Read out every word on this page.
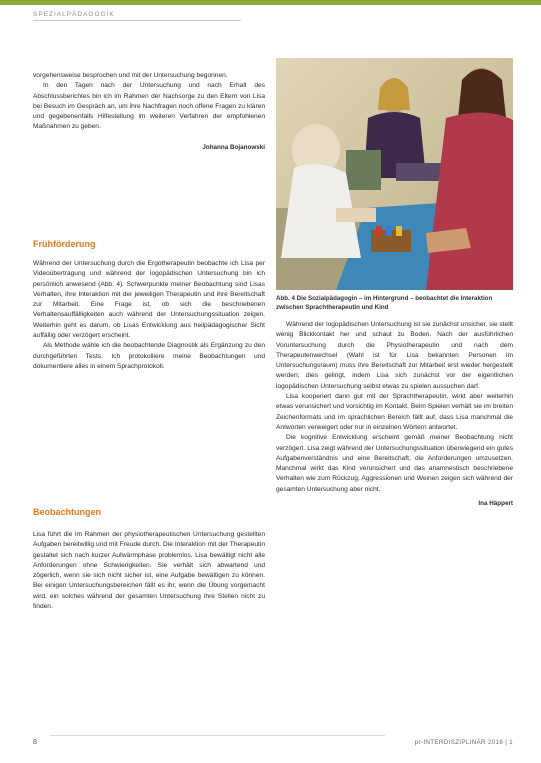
SPEZIALPÄDAGOGIK

vorgehensweise besprochen und mit der Untersuchung begonnen.

In den Tagen nach der Untersuchung und nach Erhalt des Abschlussberichtes bin ich im Rahmen der Nachsorge zu den Eltern von Lisa bei Besuch im Gespräch an, um ihre Nachfragen noch offene Fragen zu klären und gegebenenfalls Hilfestellung im weiteren Verfahren der empfohlenen Maßnahmen zu geben.

Johanna Bojanowski

Frühförderung

Während der Untersuchung durch die Ergotherapeutin beobachte ich Lisa per Videoübertragung und während der logopädischen Untersuchung bin ich persönlich anwesend (Abb. 4). Schwerpunkte meiner Beobachtung sind Lisas Verhalten, ihre Interaktion mit der jeweiligen Therapeutin und ihre Bereitschaft zur Mitarbeit. Eine Frage ist, ob sich die beschriebenen Verhaltensauffälligkeiten auch während der Untersuchungssituation zeigen. Weiterhin geht es darum, ob Lisas Entwicklung aus heilpädagogischer Sicht auffällig oder verzögert erscheint.

Als Methode wähle ich die beobachtende Diagnostik als Ergänzung zu den durchgeführten Tests. Ich protokolliere meine Beobachtungen und dokumentiere alles in einem Sprachprotokoll.

Beobachtungen

Lisa führt die im Rahmen der physiotherapeutischen Untersuchung gestellten Aufgaben bereitwillig und mit Freude durch. Die Interaktion mit der Therapeutin gestaltet sich nach kurzer Aufwärmphase problemlos. Lisa bewältigt nicht alle Anforderungen ohne Schwierigkeiten. Sie verhält sich abwartend und zögerlich, wenn sie sich nicht sicher ist, eine Aufgabe bewältigen zu können. Bei einigen Untersuchungsbereichen fällt es ihr, wenn die Übung vorgemacht wird, ein solches während der gesamten Untersuchung ihre Stellen nicht zu finden.

Abb. 4 Die Sozialpädagogin – im Hintergrund – beobachtet die Interaktion zwischen Sprachtherapeutin und Kind

Während der logopädischen Untersuchung ist sie zunächst unsicher, sie stellt wenig Blickkontakt her und schaut zu Boden. Nach der ausführlichen Voruntersuchung durch die Physiotherapeutin und nach dem Therapeutenwechsel (Wahl ist für Lisa bekannten Personen im Untersuchungsraum) muss ihre Bereitschaft zur Mitarbeit erst wieder hergestellt werden; dies gelingt, indem Lisa sich zunächst vor der eigentlichen logopädischen Untersuchung selbst etwas zu spielen aussuchen darf.

Lisa kooperiert dann gut mit der Sprachtherapeutin, wirkt aber weiterhin etwas verunsichert und vorsichtig im Kontakt. Beim Spielen verhält sie im breiten Zeichenformats und im sprachlichen Bereich fällt auf, dass Lisa manchmal die Antworten verweigert oder nur in einzelnen Wörtern antwortet.

Die kognitive Entwicklung erscheint gemäß meiner Beobachtung nicht verzögert. Lisa zeigt während der Untersuchungssituation überwiegend ein gutes Aufgabenverständnis und eine Bereitschaft, die Anforderungen umzusetzen. Manchmal wirkt das Kind verunsichert und das anamnestisch beschriebene Verhalten wie zum Rückzug, Aggressionen und Weinen zeigen sich während der gesamten Untersuchung aber nicht.

Ina Häppert

8	pr-INTERDISZIPLINÄR 2016 | 1
